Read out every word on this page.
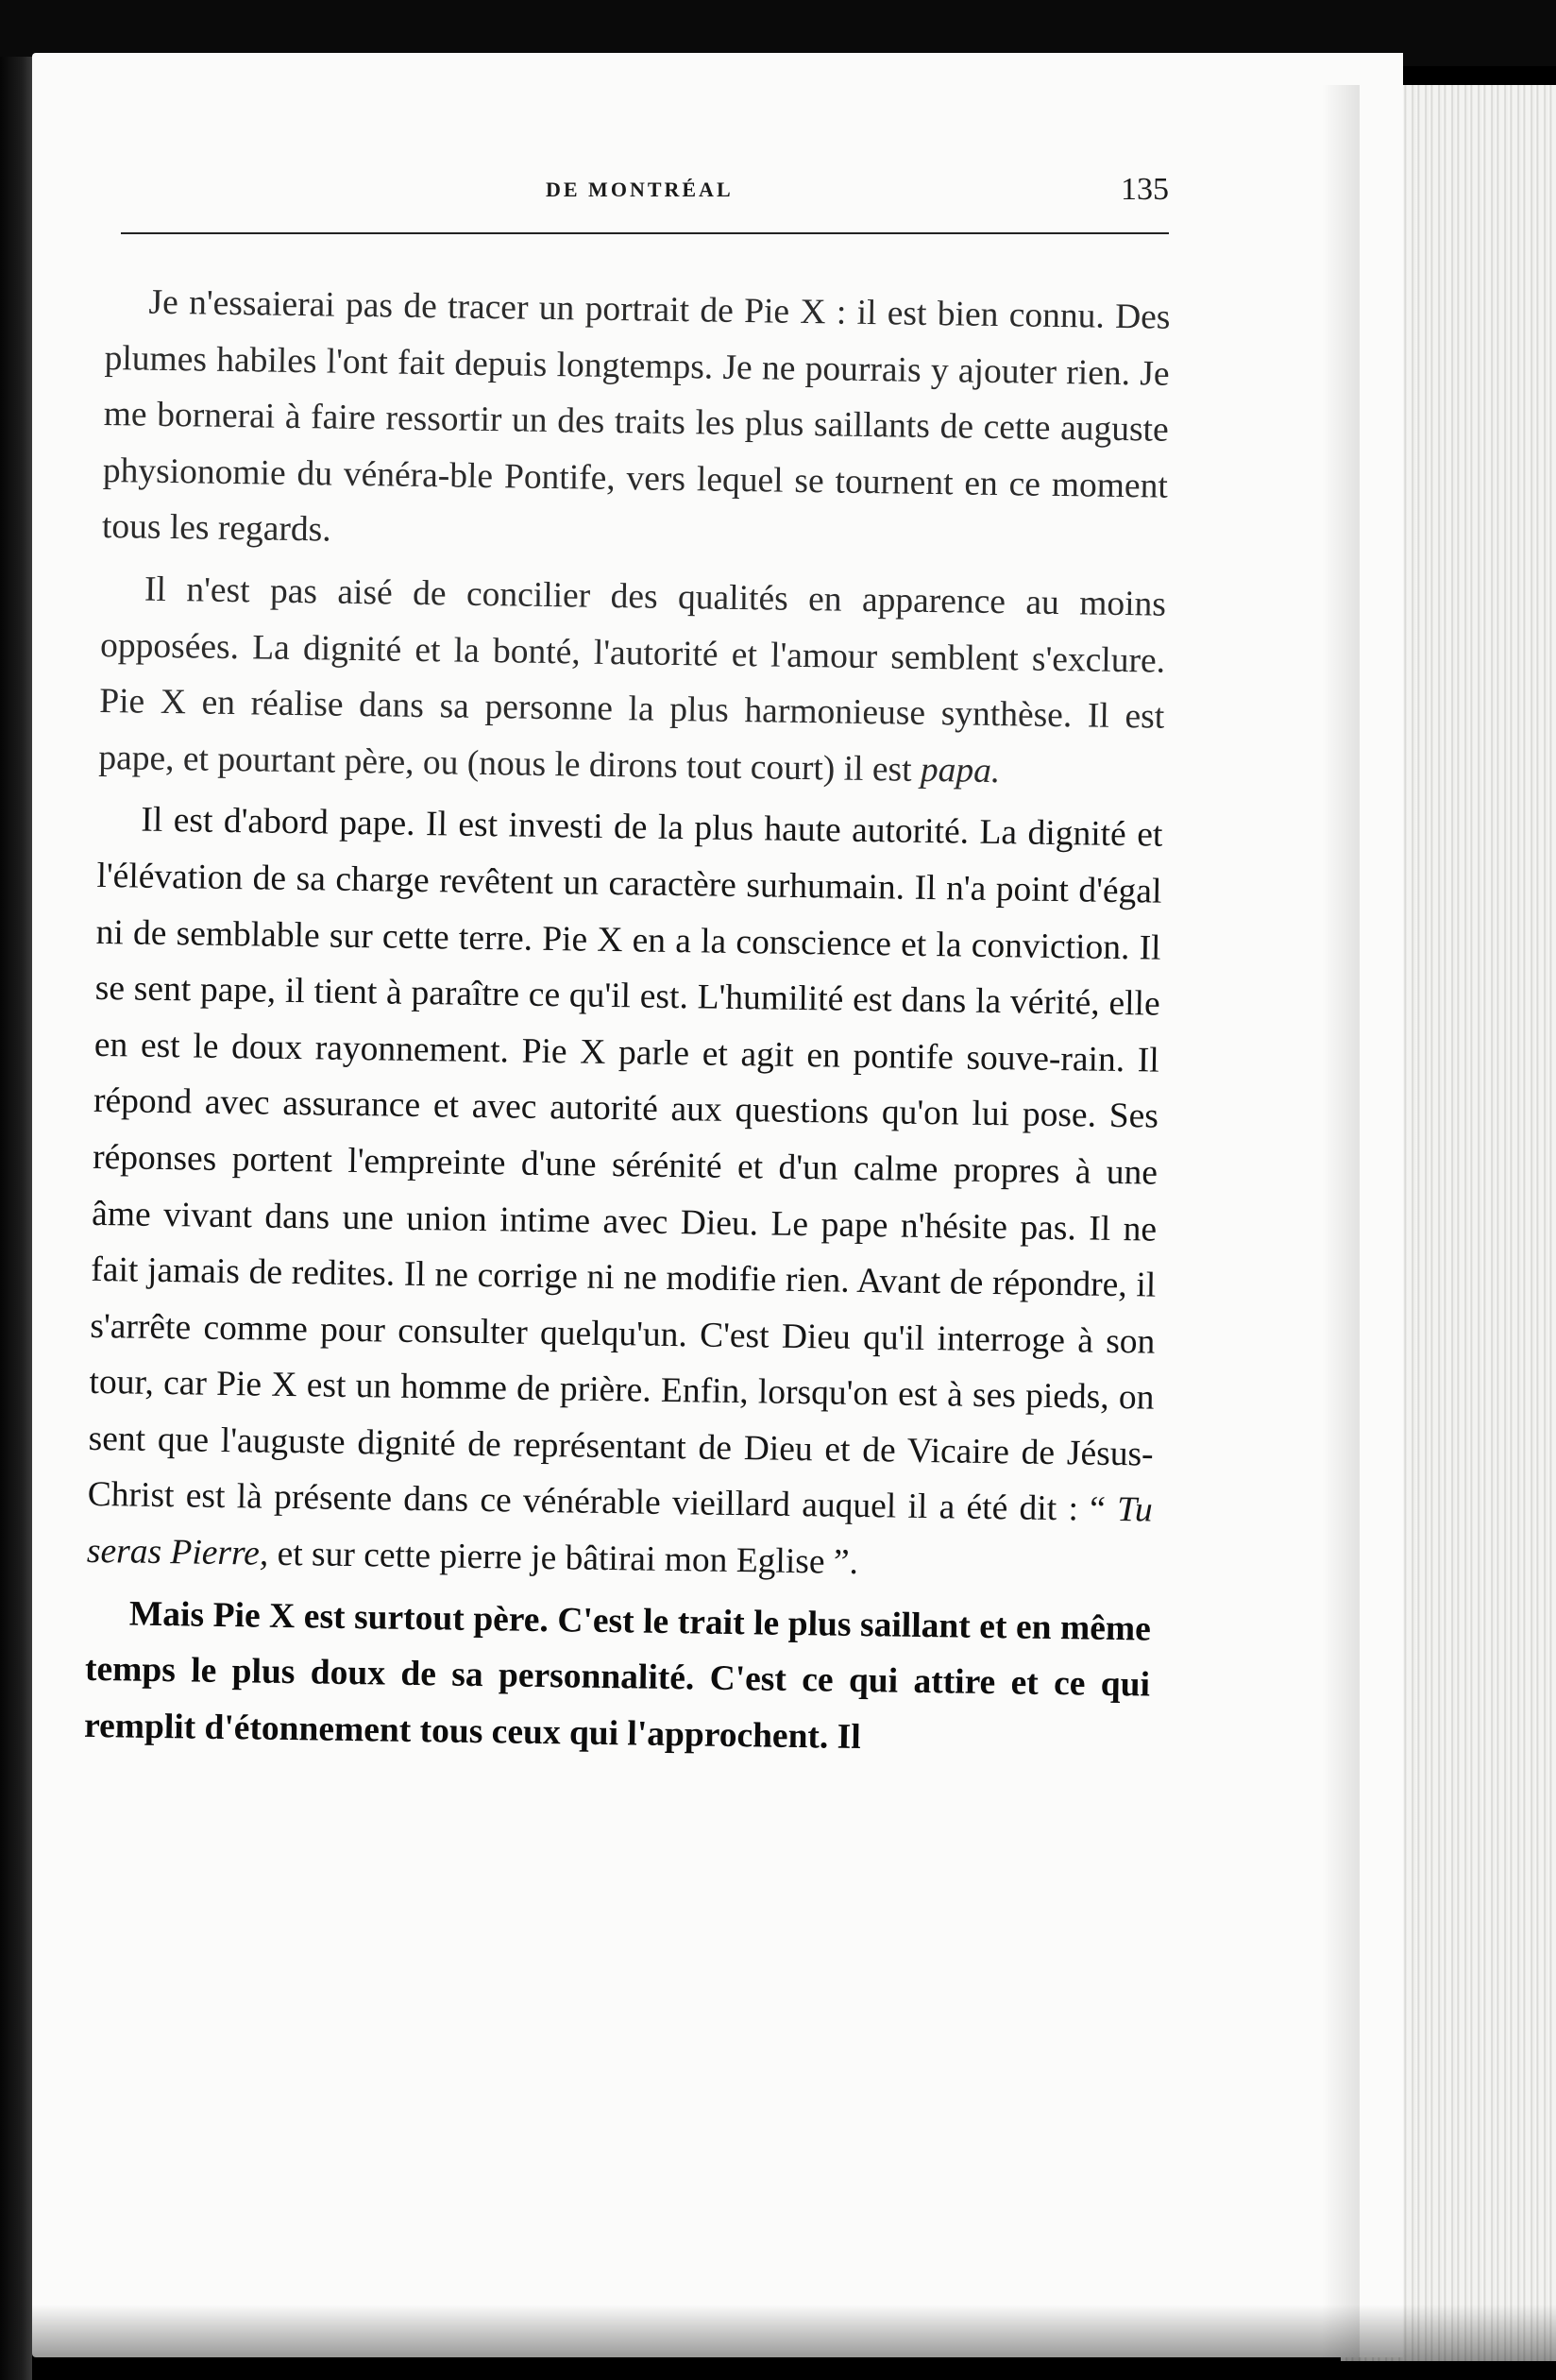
DE MONTRÉAL	135

Je n'essaierai pas de tracer un portrait de Pie X : il est bien connu. Des plumes habiles l'ont fait depuis longtemps. Je ne pourrais y ajouter rien. Je me bornerai à faire ressortir un des traits les plus saillants de cette auguste physionomie du vénéra-ble Pontife, vers lequel se tournent en ce moment tous les regards.

Il n'est pas aisé de concilier des qualités en apparence au moins opposées. La dignité et la bonté, l'autorité et l'amour semblent s'exclure. Pie X en réalise dans sa personne la plus harmonieuse synthèse. Il est pape, et pourtant père, ou (nous le dirons tout court) il est papa.

Il est d'abord pape. Il est investi de la plus haute autorité. La dignité et l'élévation de sa charge revêtent un caractère surhumain. Il n'a point d'égal ni de semblable sur cette terre. Pie X en a la conscience et la conviction. Il se sent pape, il tient à paraître ce qu'il est. L'humilité est dans la vérité, elle en est le doux rayonnement. Pie X parle et agit en pontife souve-rain. Il répond avec assurance et avec autorité aux questions qu'on lui pose. Ses réponses portent l'empreinte d'une sérénité et d'un calme propres à une âme vivant dans une union intime avec Dieu. Le pape n'hésite pas. Il ne fait jamais de redites. Il ne corrige ni ne modifie rien. Avant de répondre, il s'arrête comme pour consulter quelqu'un. C'est Dieu qu'il interroge à son tour, car Pie X est un homme de prière. Enfin, lorsqu'on est à ses pieds, on sent que l'auguste dignité de représentant de Dieu et de Vicaire de Jésus-Christ est là présente dans ce vénérable vieillard auquel il a été dit : “ Tu seras Pierre, et sur cette pierre je bâtirai mon Eglise ”.

Mais Pie X est surtout père. C'est le trait le plus saillant et en même temps le plus doux de sa personnalité. C'est ce qui attire et ce qui remplit d'étonnement tous ceux qui l'approchent. Il
